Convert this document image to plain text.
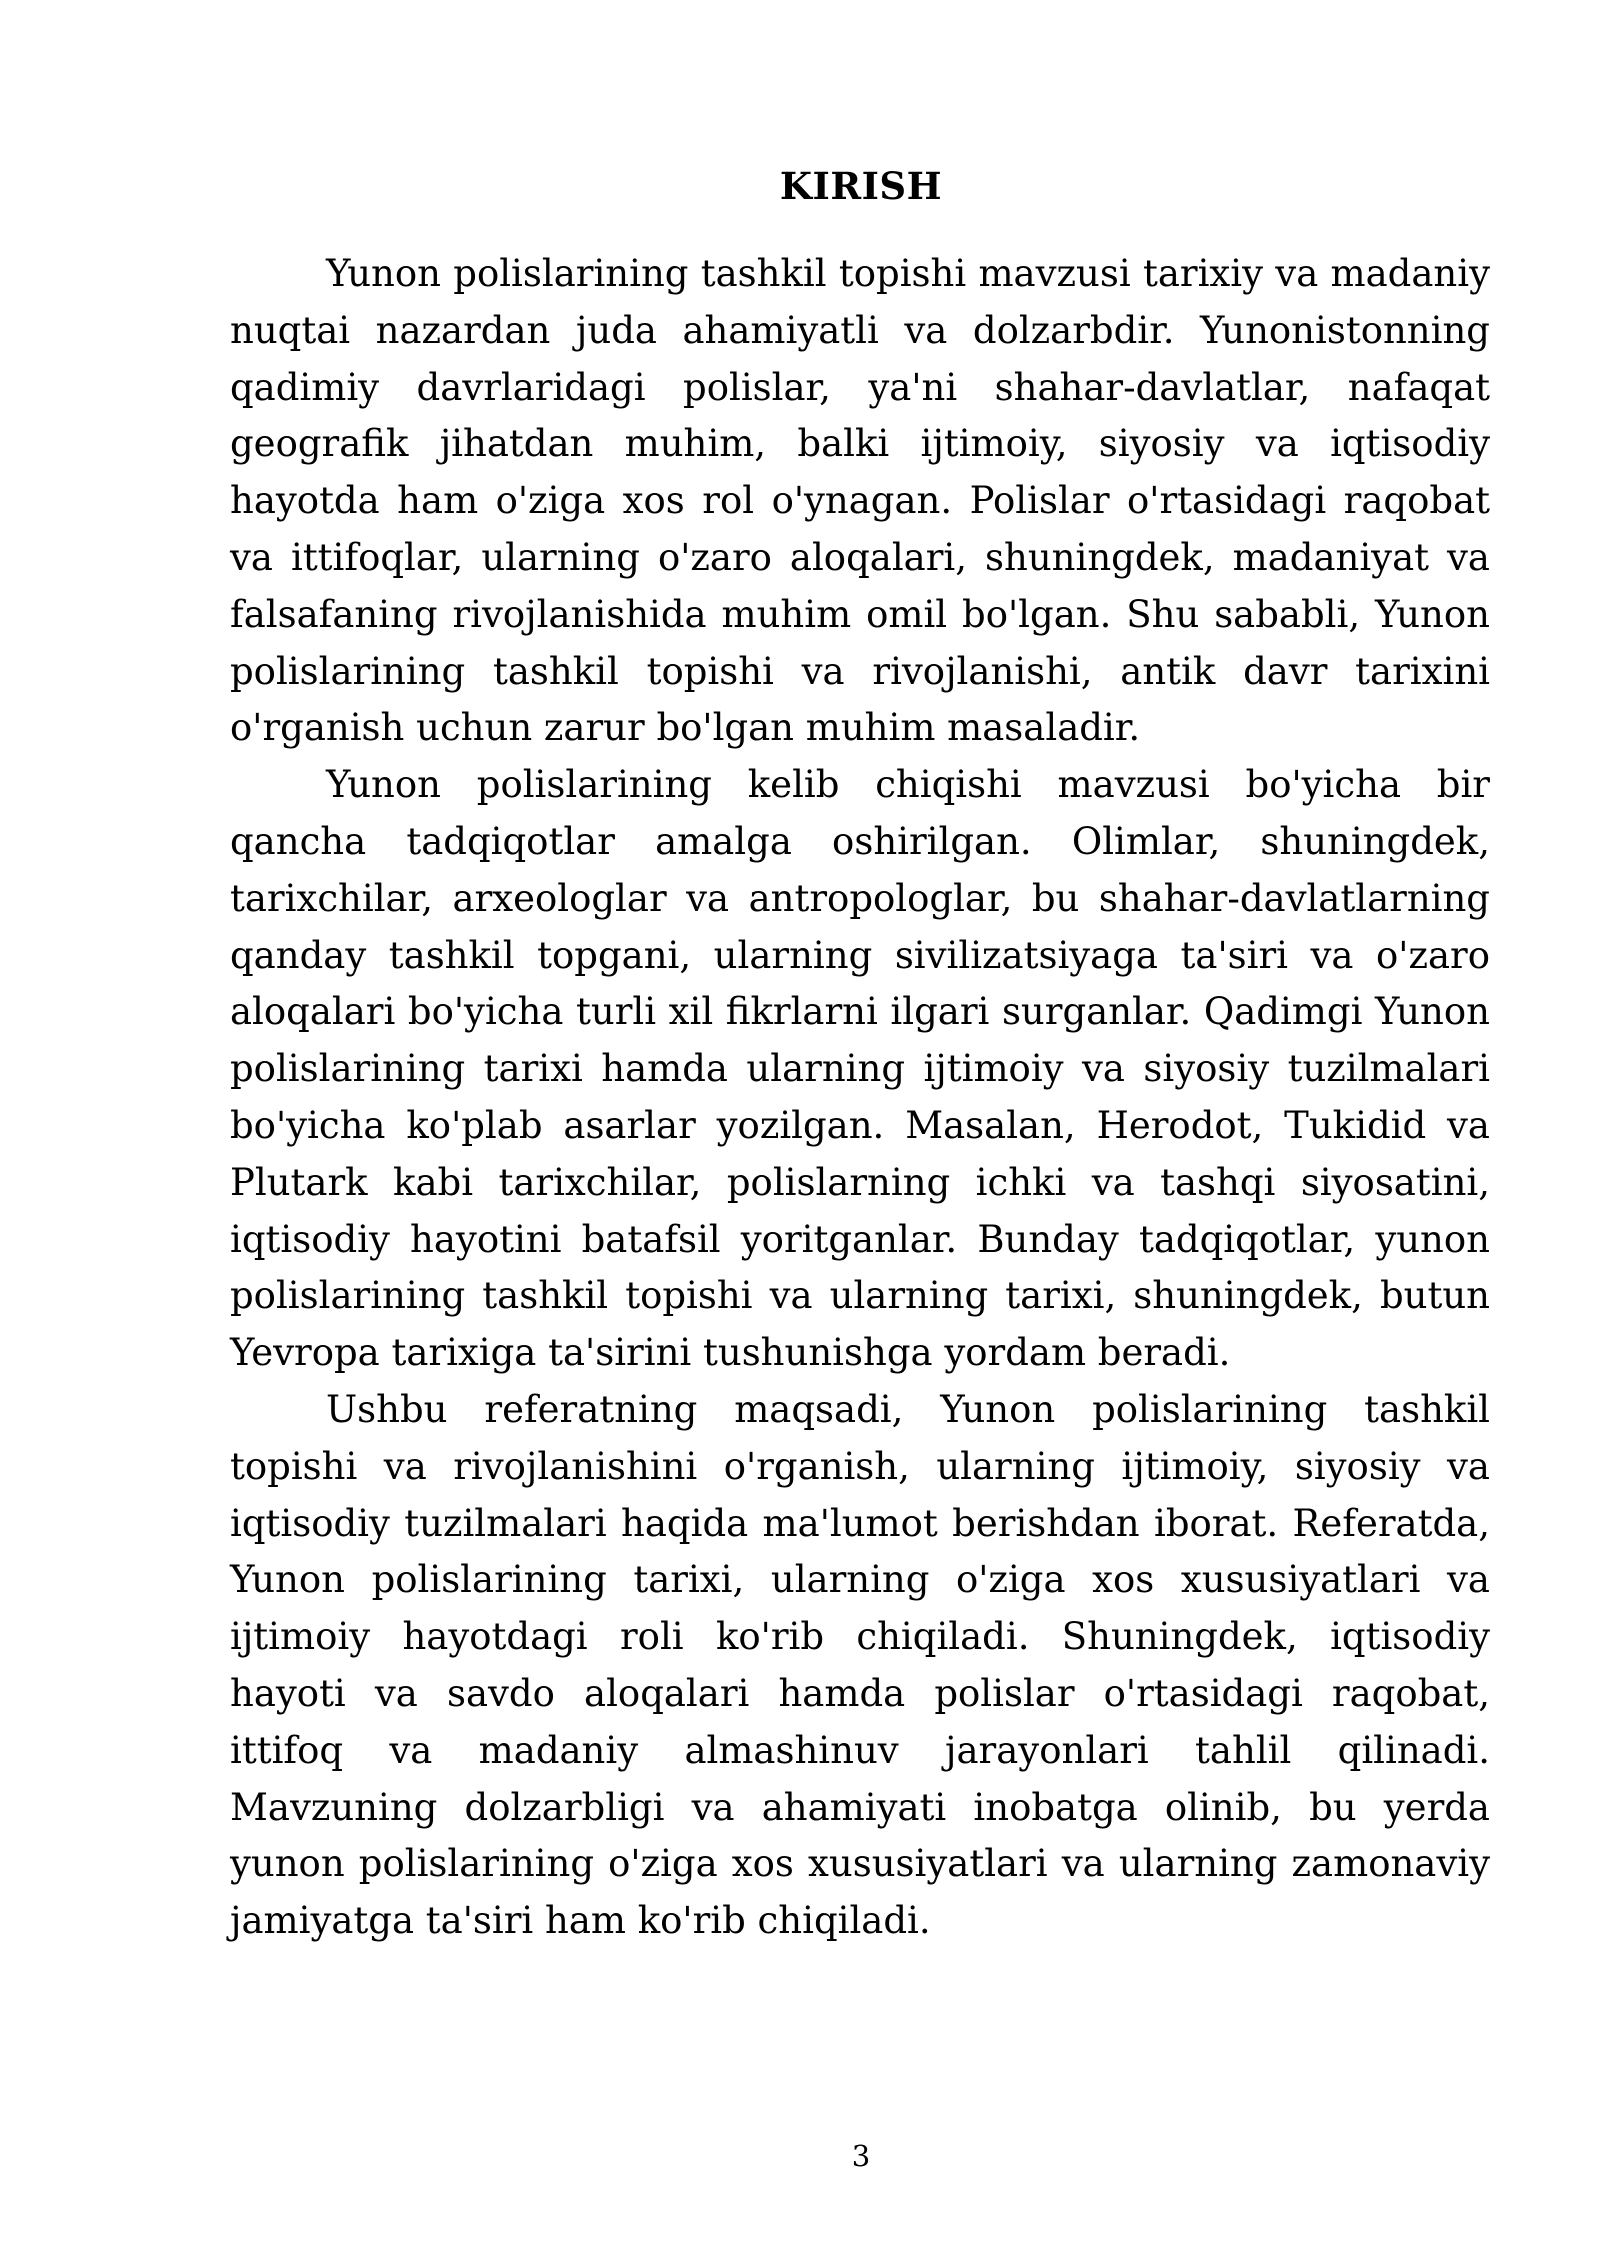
KIRISH

Yunon polislarining tashkil topishi mavzusi tarixiy va madaniy nuqtai nazardan juda ahamiyatli va dolzarbdir. Yunonistonning qadimiy davrlaridagi polislar, ya'ni shahar-davlatlar, nafaqat geografik jihatdan muhim, balki ijtimoiy, siyosiy va iqtisodiy hayotda ham o'ziga xos rol o'ynagan. Polislar o'rtasidagi raqobat va ittifoqlar, ularning o'zaro aloqalari, shuningdek, madaniyat va falsafaning rivojlanishida muhim omil bo'lgan. Shu sababli, Yunon polislarining tashkil topishi va rivojlanishi, antik davr tarixini o'rganish uchun zarur bo'lgan muhim masaladir.

Yunon polislarining kelib chiqishi mavzusi bo'yicha bir qancha tadqiqotlar amalga oshirilgan. Olimlar, shuningdek, tarixchilar, arxeologlar va antropologlar, bu shahar-davlatlarning qanday tashkil topgani, ularning sivilizatsiyaga ta'siri va o'zaro aloqalari bo'yicha turli xil fikrlarni ilgari surganlar. Qadimgi Yunon polislarining tarixi hamda ularning ijtimoiy va siyosiy tuzilmalari bo'yicha ko'plab asarlar yozilgan. Masalan, Herodot, Tukidid va Plutark kabi tarixchilar, polislarning ichki va tashqi siyosatini, iqtisodiy hayotini batafsil yoritganlar. Bunday tadqiqotlar, yunon polislarining tashkil topishi va ularning tarixi, shuningdek, butun Yevropa tarixiga ta'sirini tushunishga yordam beradi.

Ushbu referatning maqsadi, Yunon polislarining tashkil topishi va rivojlanishini o'rganish, ularning ijtimoiy, siyosiy va iqtisodiy tuzilmalari haqida ma'lumot berishdan iborat. Referatda, Yunon polislarining tarixi, ularning o'ziga xos xususiyatlari va ijtimoiy hayotdagi roli ko'rib chiqiladi. Shuningdek, iqtisodiy hayoti va savdo aloqalari hamda polislar o'rtasidagi raqobat, ittifoq va madaniy almashinuv jarayonlari tahlil qilinadi. Mavzuning dolzarbligi va ahamiyati inobatga olinib, bu yerda yunon polislarining o'ziga xos xususiyatlari va ularning zamonaviy jamiyatga ta'siri ham ko'rib chiqiladi.

3
